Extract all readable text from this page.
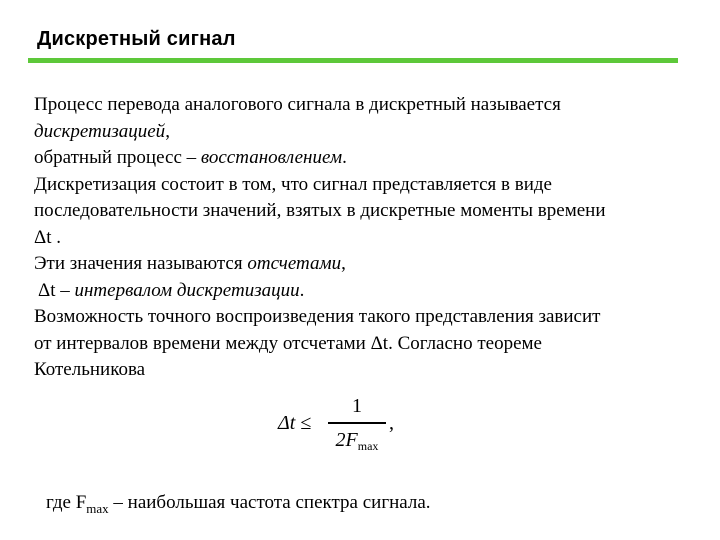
Дискретный сигнал
Процесс перевода аналогового сигнала в дискретный называется
дискретизацией,
обратный процесс – восстановлением.
Дискретизация состоит в том, что сигнал представляется в виде
последовательности значений, взятых в дискретные моменты времени
Δt .
Эти значения называются отсчетами,
Δt – интервалом дискретизации.
Возможность точного воспроизведения такого представления зависит
от интервалов времени между отсчетами Δt. Согласно теореме
Котельникова
Δt ≤
1
$2F_{max}$
,
где $F_{max}$ – наибольшая частота спектра сигнала.
